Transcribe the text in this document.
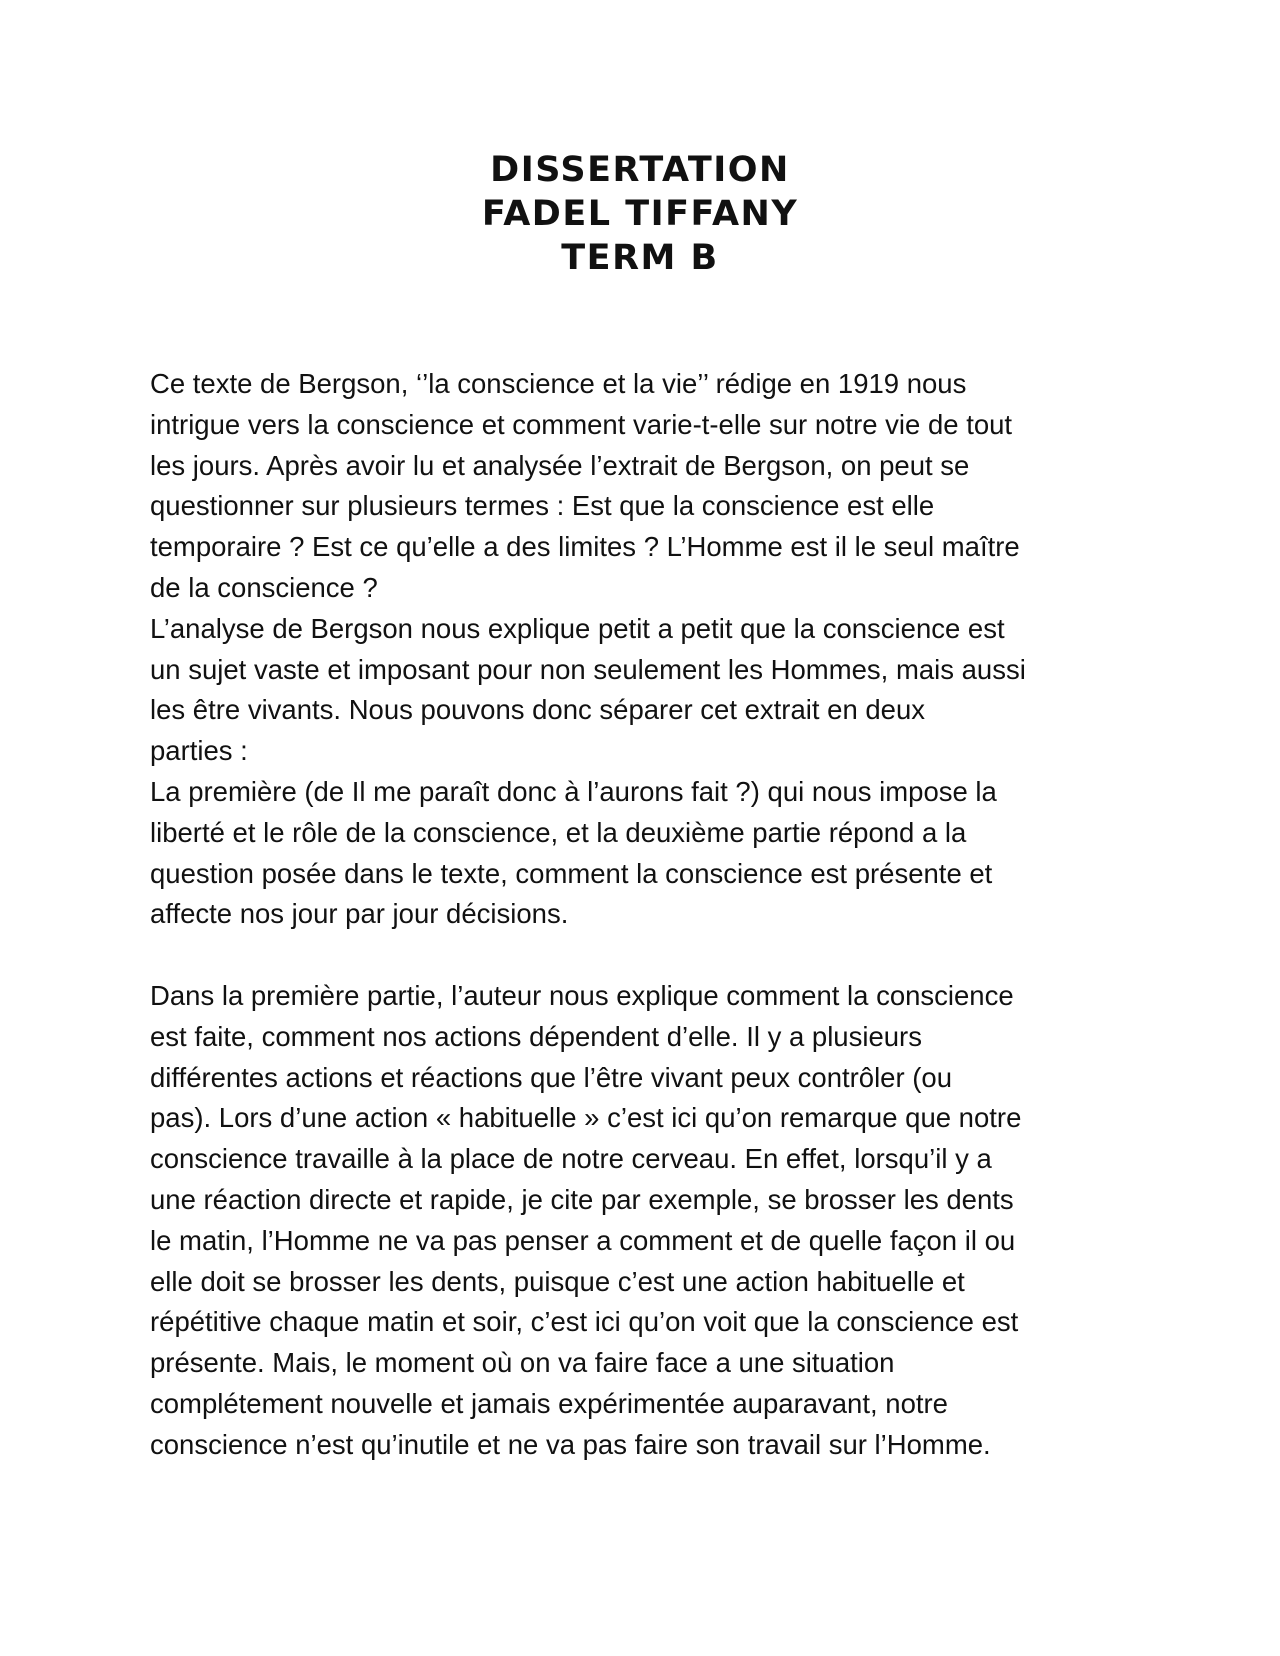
DISSERTATION
FADEL TIFFANY
TERM B
Ce texte de Bergson, ‘’la conscience et la vie’’ rédige en 1919 nous
intrigue vers la conscience et comment varie-t-elle sur notre vie de tout
les jours. Après avoir lu et analysée l’extrait de Bergson, on peut se
questionner sur plusieurs termes : Est que la conscience est elle
temporaire ? Est ce qu’elle a des limites ? L’Homme est il le seul maître
de la conscience ?
L’analyse de Bergson nous explique petit a petit que la conscience est
un sujet vaste et imposant pour non seulement les Hommes, mais aussi
les être vivants. Nous pouvons donc séparer cet extrait en deux
parties :
La première (de Il me paraît donc à l’aurons fait ?) qui nous impose la
liberté et le rôle de la conscience, et la deuxième partie répond a la
question posée dans le texte, comment la conscience est présente et
affecte nos jour par jour décisions.
Dans la première partie, l’auteur nous explique comment la conscience
est faite, comment nos actions dépendent d’elle. Il y a plusieurs
différentes actions et réactions que l’être vivant peux contrôler (ou
pas). Lors d’une action « habituelle » c’est ici qu’on remarque que notre
conscience travaille à la place de notre cerveau. En effet, lorsqu’il y a
une réaction directe et rapide, je cite par exemple, se brosser les dents
le matin, l’Homme ne va pas penser a comment et de quelle façon il ou
elle doit se brosser les dents, puisque c’est une action habituelle et
répétitive chaque matin et soir, c’est ici qu’on voit que la conscience est
présente. Mais, le moment où on va faire face a une situation
complétement nouvelle et jamais expérimentée auparavant, notre
conscience n’est qu’inutile et ne va pas faire son travail sur l’Homme.
